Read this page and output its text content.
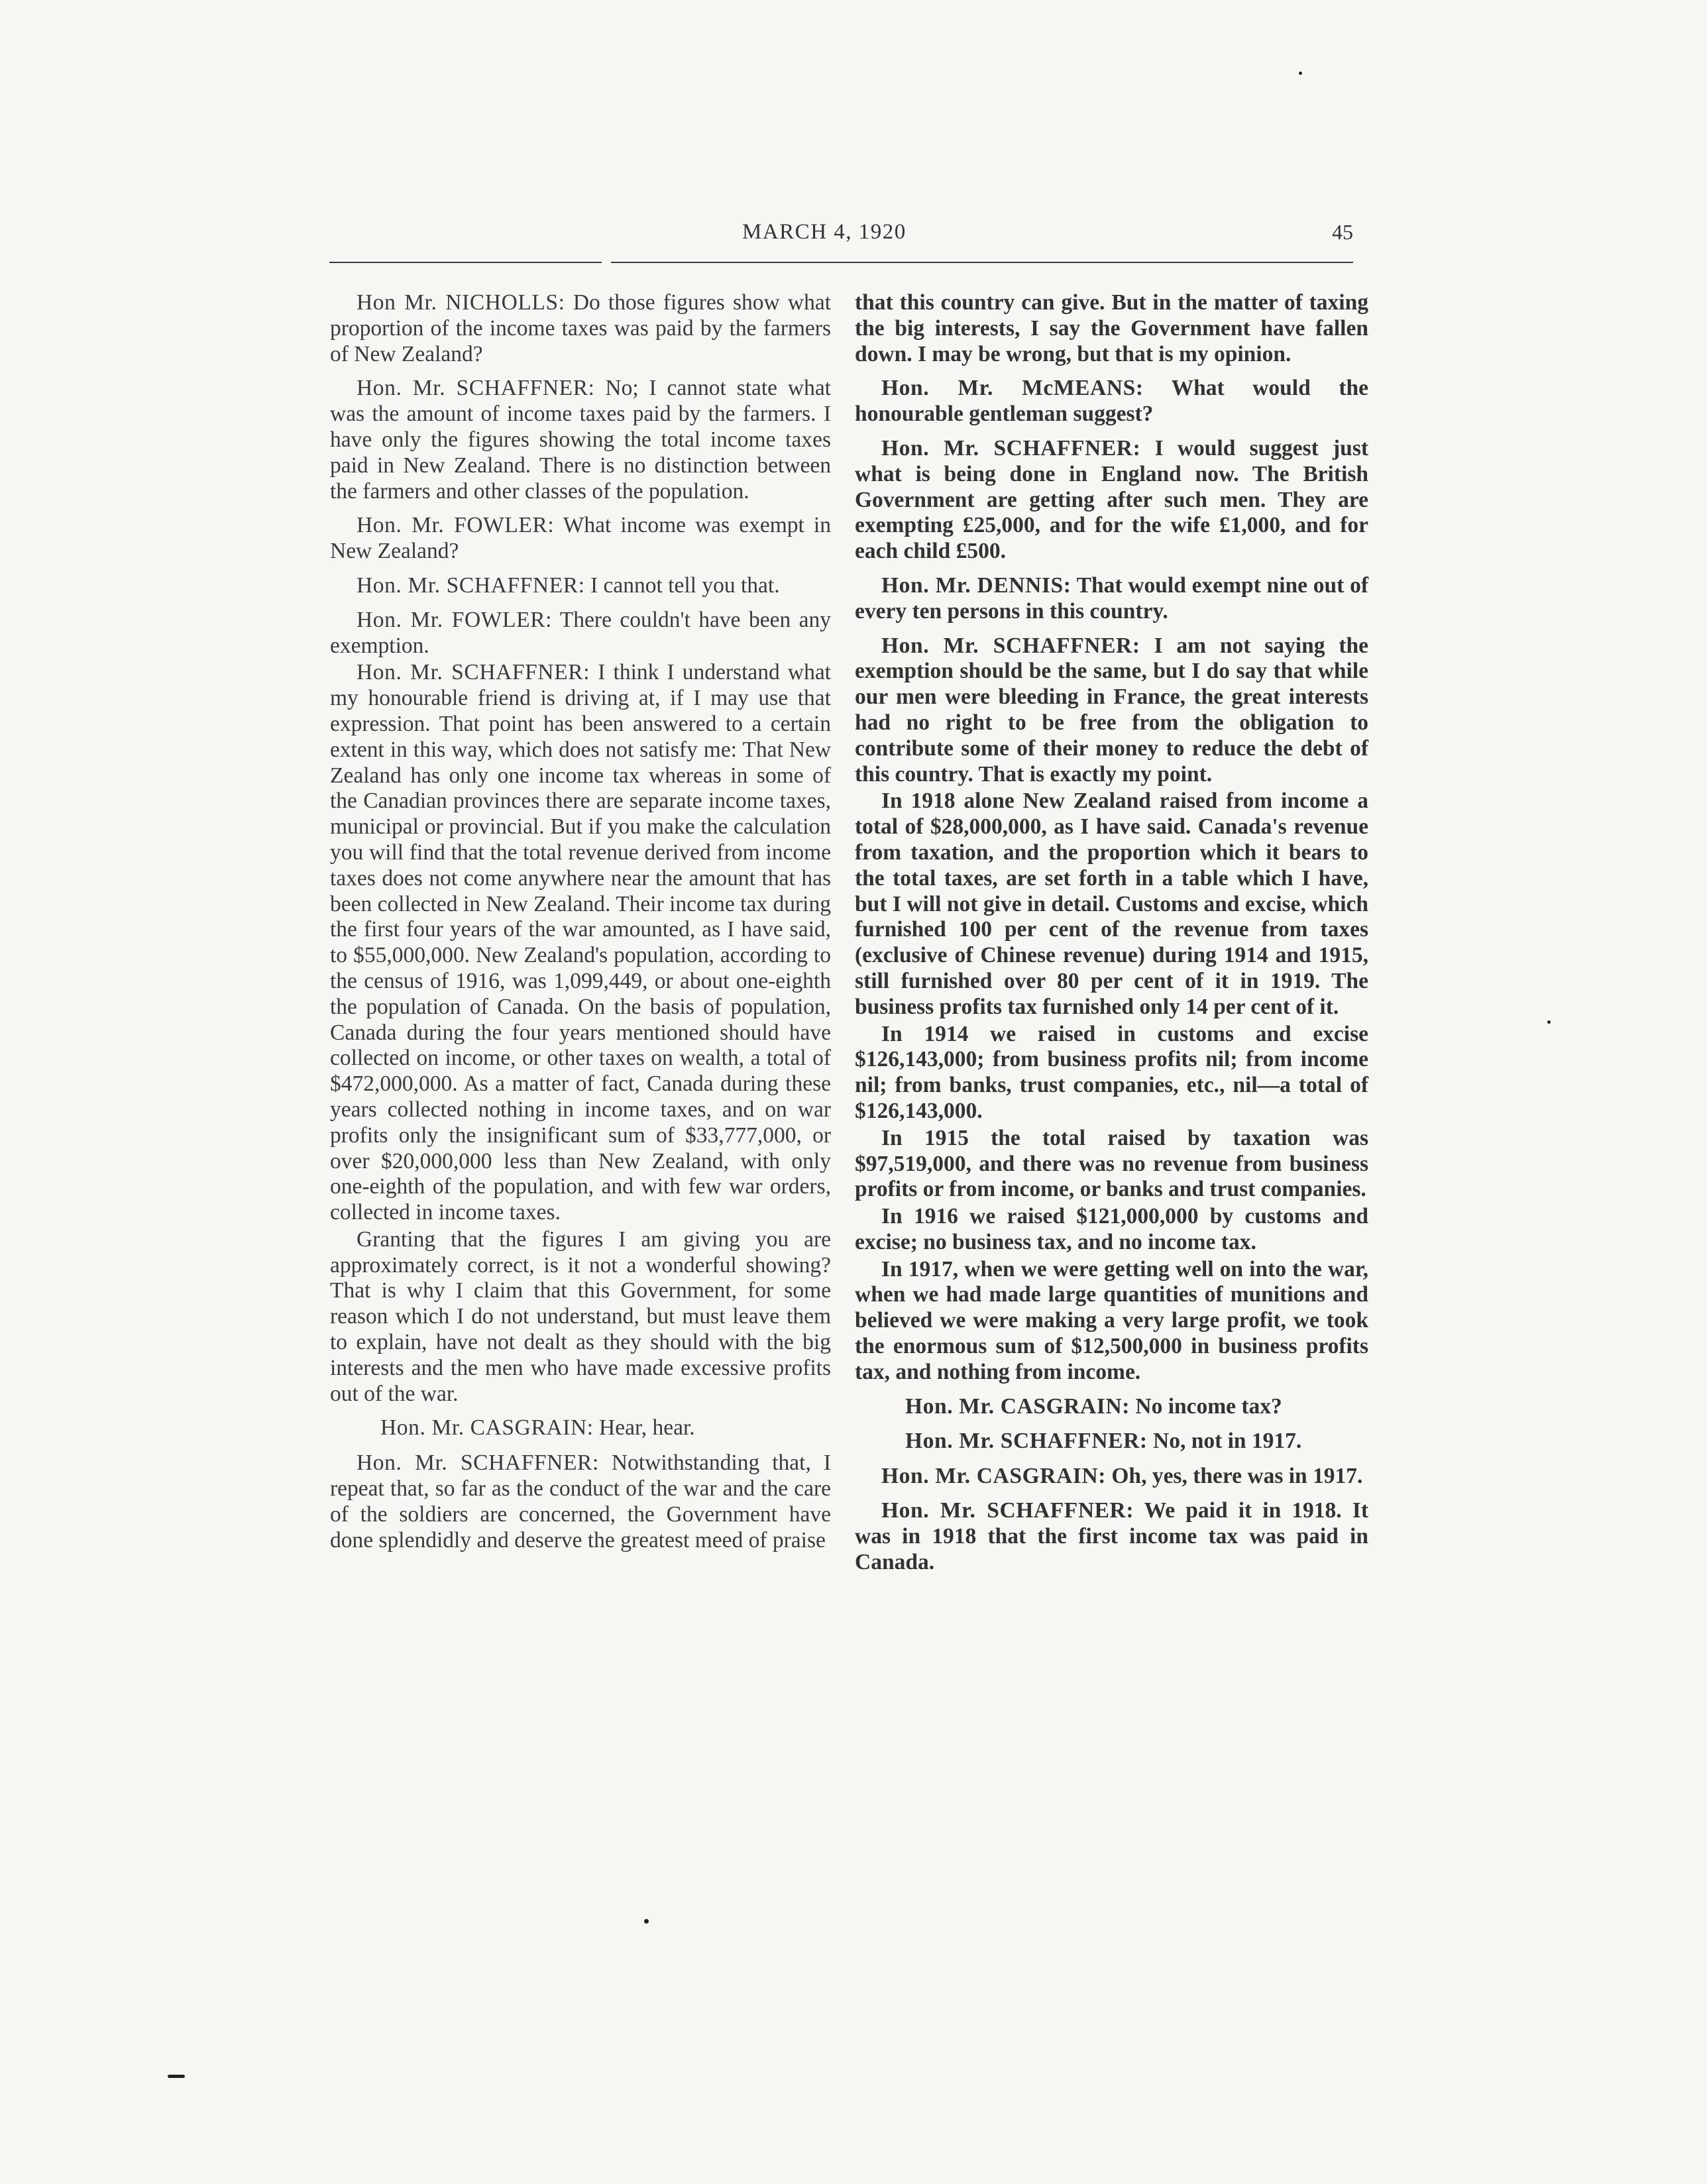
MARCH 4, 1920	45

Hon Mr. NICHOLLS: Do those figures show what proportion of the income taxes was paid by the farmers of New Zealand?

Hon. Mr. SCHAFFNER: No; I cannot state what was the amount of income taxes paid by the farmers. I have only the figures showing the total income taxes paid in New Zealand. There is no distinction between the farmers and other classes of the population.

Hon. Mr. FOWLER: What income was exempt in New Zealand?

Hon. Mr. SCHAFFNER: I cannot tell you that.

Hon. Mr. FOWLER: There couldn't have been any exemption.

Hon. Mr. SCHAFFNER: I think I understand what my honourable friend is driving at, if I may use that expression. That point has been answered to a certain extent in this way, which does not satisfy me: That New Zealand has only one income tax whereas in some of the Canadian provinces there are separate income taxes, municipal or provincial. But if you make the calculation you will find that the total revenue derived from income taxes does not come anywhere near the amount that has been collected in New Zealand. Their income tax during the first four years of the war amounted, as I have said, to $55,000,000. New Zealand's population, according to the census of 1916, was 1,099,449, or about one-eighth the population of Canada. On the basis of population, Canada during the four years mentioned should have collected on income, or other taxes on wealth, a total of $472,000,000. As a matter of fact, Canada during these years collected nothing in income taxes, and on war profits only the insignificant sum of $33,777,000, or over $20,000,000 less than New Zealand, with only one-eighth of the population, and with few war orders, collected in income taxes.

Granting that the figures I am giving you are approximately correct, is it not a wonderful showing? That is why I claim that this Government, for some reason which I do not understand, but must leave them to explain, have not dealt as they should with the big interests and the men who have made excessive profits out of the war.

Hon. Mr. CASGRAIN: Hear, hear.

Hon. Mr. SCHAFFNER: Notwithstanding that, I repeat that, so far as the conduct of the war and the care of the soldiers are concerned, the Government have done splendidly and deserve the greatest meed of praise

that this country can give. But in the matter of taxing the big interests, I say the Government have fallen down. I may be wrong, but that is my opinion.

Hon. Mr. McMEANS: What would the honourable gentleman suggest?

Hon. Mr. SCHAFFNER: I would suggest just what is being done in England now. The British Government are getting after such men. They are exempting £25,000, and for the wife £1,000, and for each child £500.

Hon. Mr. DENNIS: That would exempt nine out of every ten persons in this country.

Hon. Mr. SCHAFFNER: I am not saying the exemption should be the same, but I do say that while our men were bleeding in France, the great interests had no right to be free from the obligation to contribute some of their money to reduce the debt of this country. That is exactly my point.

In 1918 alone New Zealand raised from income a total of $28,000,000, as I have said. Canada's revenue from taxation, and the proportion which it bears to the total taxes, are set forth in a table which I have, but I will not give in detail. Customs and excise, which furnished 100 per cent of the revenue from taxes (exclusive of Chinese revenue) during 1914 and 1915, still furnished over 80 per cent of it in 1919. The business profits tax furnished only 14 per cent of it.

In 1914 we raised in customs and excise $126,143,000; from business profits nil; from income nil; from banks, trust companies, etc., nil—a total of $126,143,000.

In 1915 the total raised by taxation was $97,519,000, and there was no revenue from business profits or from income, or banks and trust companies.

In 1916 we raised $121,000,000 by customs and excise; no business tax, and no income tax.

In 1917, when we were getting well on into the war, when we had made large quantities of munitions and believed we were making a very large profit, we took the enormous sum of $12,500,000 in business profits tax, and nothing from income.

Hon. Mr. CASGRAIN: No income tax?

Hon. Mr. SCHAFFNER: No, not in 1917.

Hon. Mr. CASGRAIN: Oh, yes, there was in 1917.

Hon. Mr. SCHAFFNER: We paid it in 1918. It was in 1918 that the first income tax was paid in Canada.
